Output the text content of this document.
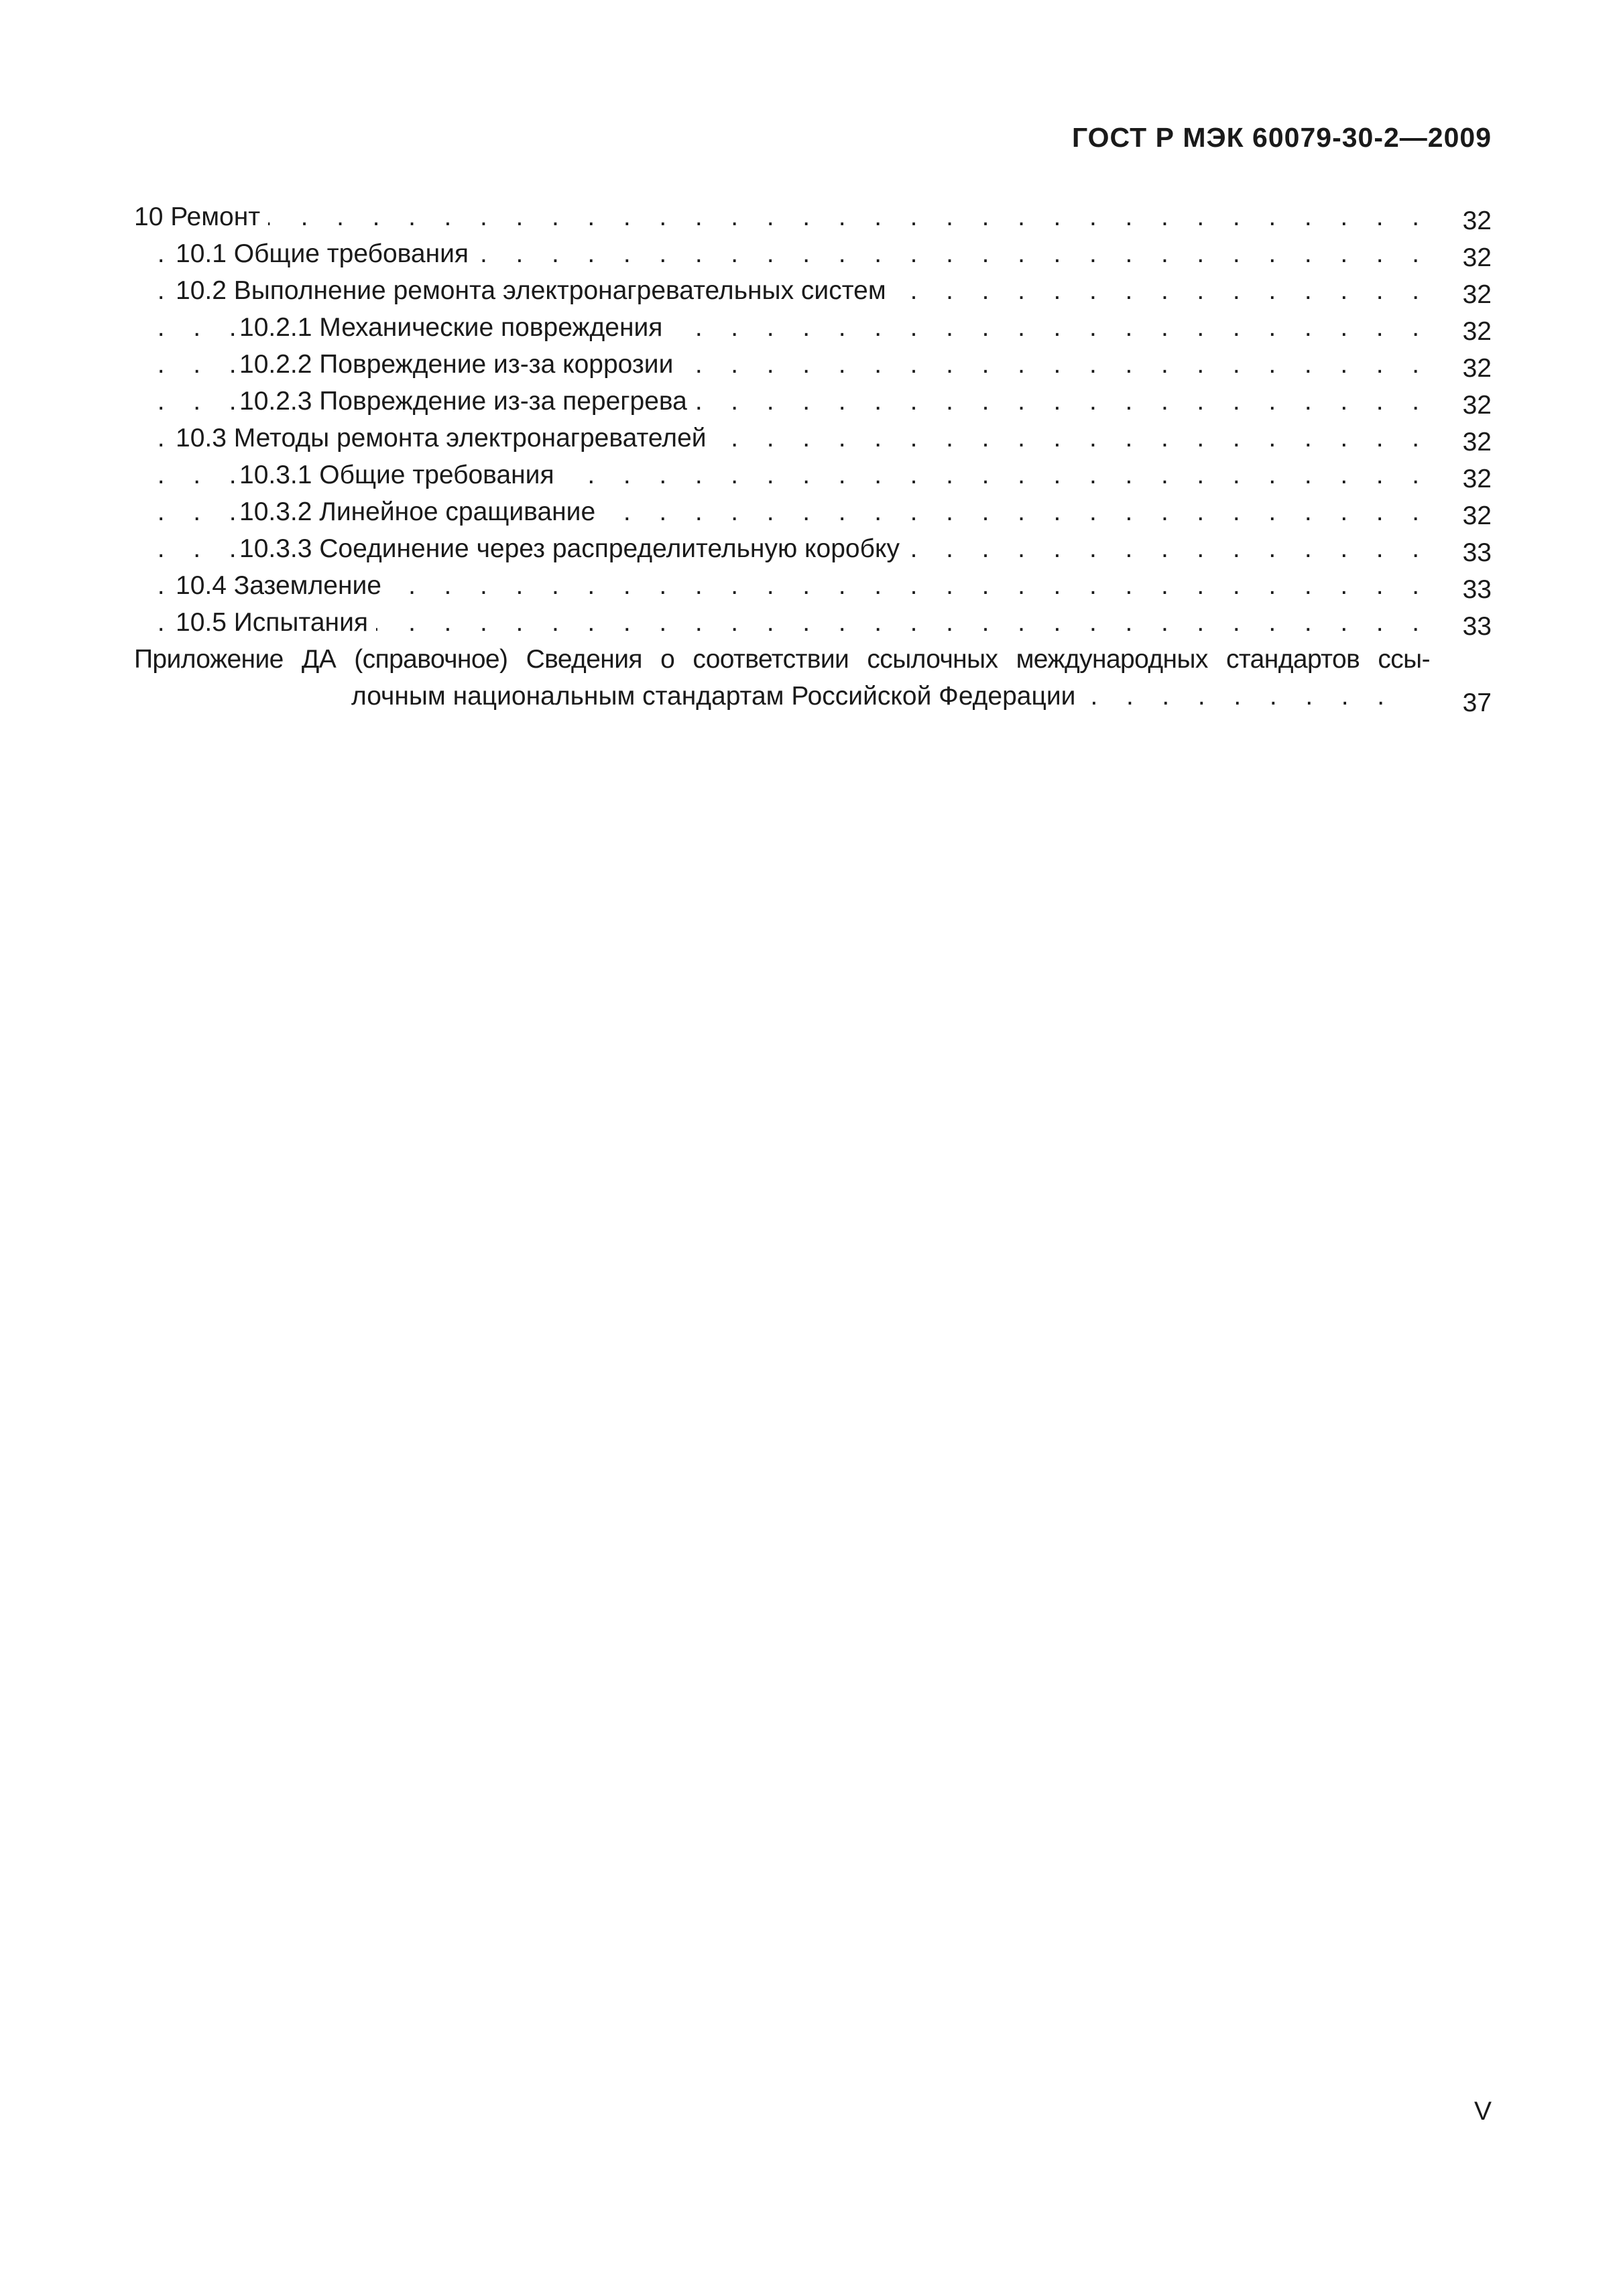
ГОСТ Р МЭК 60079-30-2—2009
10 Ремонт . . .	32
10.1 Общие требования . . .	32
10.2 Выполнение ремонта электронагревательных систем . . .	32
10.2.1 Механические повреждения . . .	32
10.2.2 Повреждение из-за коррозии . . .	32
10.2.3 Повреждение из-за перегрева . . .	32
10.3 Методы ремонта электронагревателей . . .	32
10.3.1 Общие требования . . .	32
10.3.2 Линейное сращивание . . .	32
10.3.3 Соединение через распределительную коробку . . .	33
10.4 Заземление . . .	33
10.5 Испытания . . .	33
Приложение ДА (справочное) Сведения о соответствии ссылочных международных стандартов ссы-
лочным национальным стандартам Российской Федерации . . .	37
V
